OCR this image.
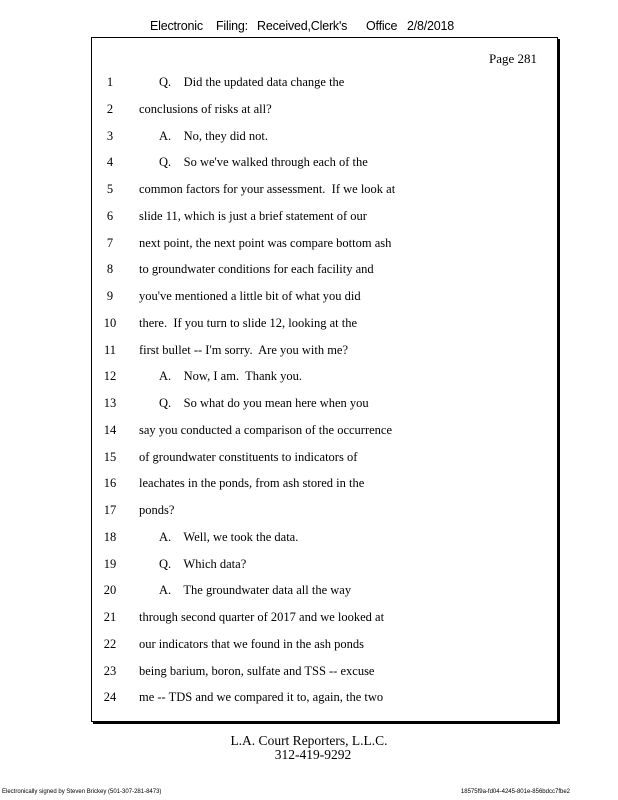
Electronic Filing: Received,Clerk's Office 2/8/2018
Page 281
1	Q.    Did the updated data change the
2	conclusions of risks at all?
3	A.    No, they did not.
4	Q.    So we've walked through each of the
5	common factors for your assessment.  If we look at
6	slide 11, which is just a brief statement of our
7	next point, the next point was compare bottom ash
8	to groundwater conditions for each facility and
9	you've mentioned a little bit of what you did
10	there.  If you turn to slide 12, looking at the
11	first bullet -- I'm sorry.  Are you with me?
12	A.    Now, I am.  Thank you.
13	Q.    So what do you mean here when you
14	say you conducted a comparison of the occurrence
15	of groundwater constituents to indicators of
16	leachates in the ponds, from ash stored in the
17	ponds?
18	A.    Well, we took the data.
19	Q.    Which data?
20	A.    The groundwater data all the way
21	through second quarter of 2017 and we looked at
22	our indicators that we found in the ash ponds
23	being barium, boron, sulfate and TSS -- excuse
24	me -- TDS and we compared it to, again, the two
L.A. Court Reporters, L.L.C.
312-419-9292
Electronically signed by Steven Brickey (501-307-281-8473)	18575f9a-fd04-4245-801e-856bdcc7fbe2
